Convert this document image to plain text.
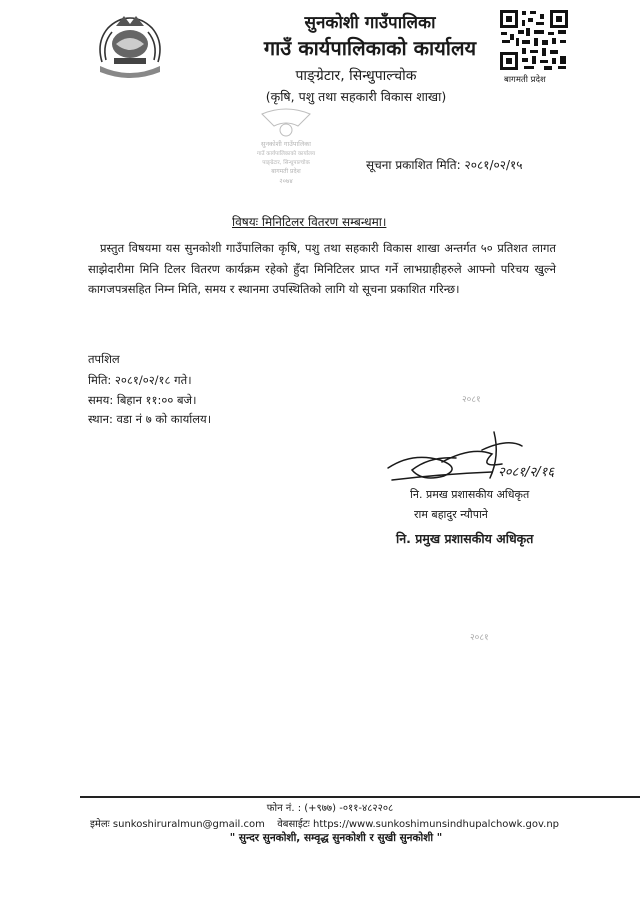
सुनकोशी गाउँपालिका
गाउँ कार्यपालिकाको कार्यालय
पाङ्ग्रेटार, सिन्धुपाल्चोक
(कृषि, पशु तथा सहकारी विकास शाखा)
बागमती प्रदेश
सुनकोशी गाउँपालिका
गाउँ कार्यपालिकाको कार्यालय
पाङ्ग्रेटार, सिन्धुपाल्चोक
बागमती प्रदेश
२०७४
सूचना प्रकाशित मिति: २०८१/०२/१५
विषयः मिनिटिलर वितरण सम्बन्धमा।
प्रस्तुत विषयमा यस सुनकोशी गाउँपालिका कृषि, पशु तथा सहकारी विकास शाखा अन्तर्गत ५० प्रतिशत लागत साझेदारीमा मिनि टिलर वितरण कार्यक्रम रहेको हुँदा मिनिटिलर प्राप्त गर्ने लाभग्राहीहरुले आफ्नो परिचय खुल्ने कागजपत्रसहित निम्न मिति, समय र स्थानमा उपस्थितिको लागि यो सूचना प्रकाशित गरिन्छ।
तपशिल
मिति: २०८१/०२/१८ गते।
समय: बिहान ११:०० बजे।
स्थान: वडा नं ७ को कार्यालय।
२०८१
२०८१
२०८१/२/१६
नि. प्रमख प्रशासकीय अधिकृत
राम बहादुर न्यौपाने
नि. प्रमुख प्रशासकीय अधिकृत
फोन नं. : (+९७७) -०११-४८२२०८
इमेलः sunkoshiruralmun@gmail.com वेबसाईटः https://www.sunkoshimunsindhupalchowk.gov.np
" सुन्दर सुनकोशी, सम्वृद्ध सुनकोशी र सुखी सुनकोशी "
